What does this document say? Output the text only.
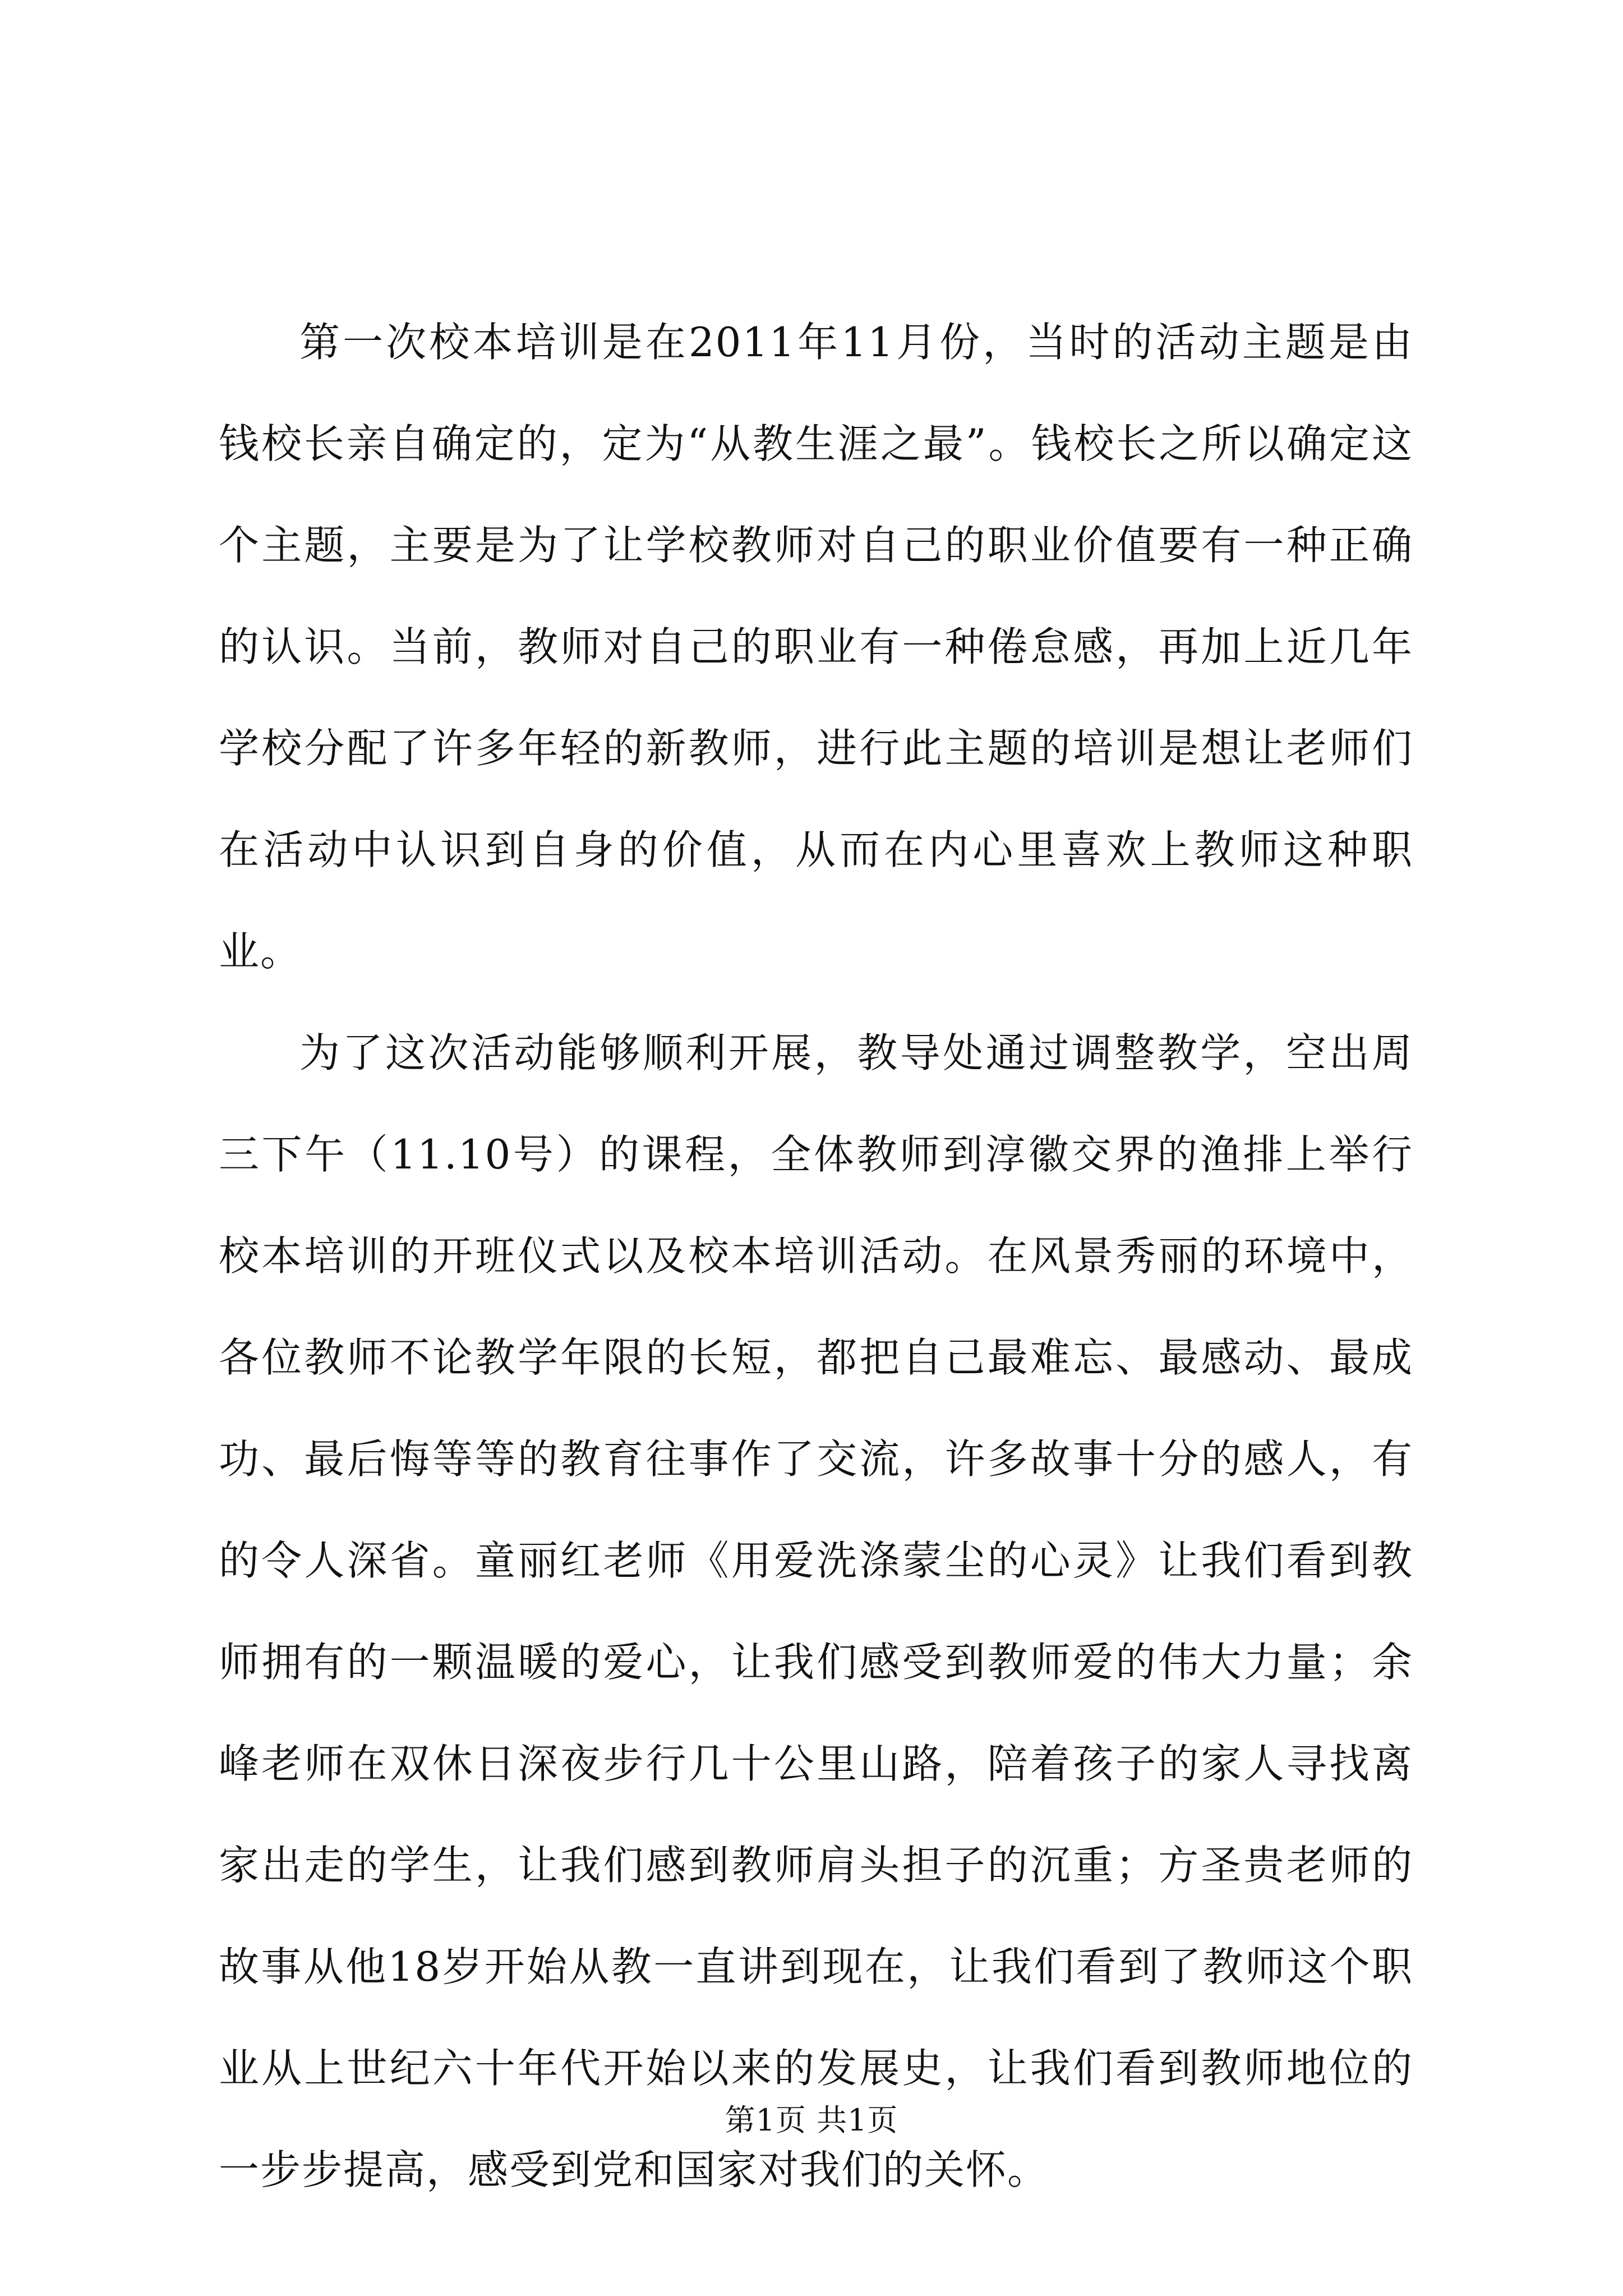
第一次校本培训是在2011年11月份，当时的活动主题是由钱校长亲自确定的，定为“从教生涯之最”。钱校长之所以确定这个主题，主要是为了让学校教师对自己的职业价值要有一种正确的认识。当前，教师对自己的职业有一种倦怠感，再加上近几年学校分配了许多年轻的新教师，进行此主题的培训是想让老师们在活动中认识到自身的价值，从而在内心里喜欢上教师这种职业。

为了这次活动能够顺利开展，教导处通过调整教学，空出周三下午（11.10号）的课程，全体教师到淳徽交界的渔排上举行校本培训的开班仪式以及校本培训活动。在风景秀丽的环境中，各位教师不论教学年限的长短，都把自己最难忘、最感动、最成功、最后悔等等的教育往事作了交流，许多故事十分的感人，有的令人深省。童丽红老师《用爱洗涤蒙尘的心灵》让我们看到教师拥有的一颗温暖的爱心，让我们感受到教师爱的伟大力量；余峰老师在双休日深夜步行几十公里山路，陪着孩子的家人寻找离家出走的学生，让我们感到教师肩头担子的沉重；方圣贵老师的故事从他18岁开始从教一直讲到现在，让我们看到了教师这个职业从上世纪六十年代开始以来的发展史，让我们看到教师地位的一步步提高，感受到党和国家对我们的关怀。

第1页 共1页
